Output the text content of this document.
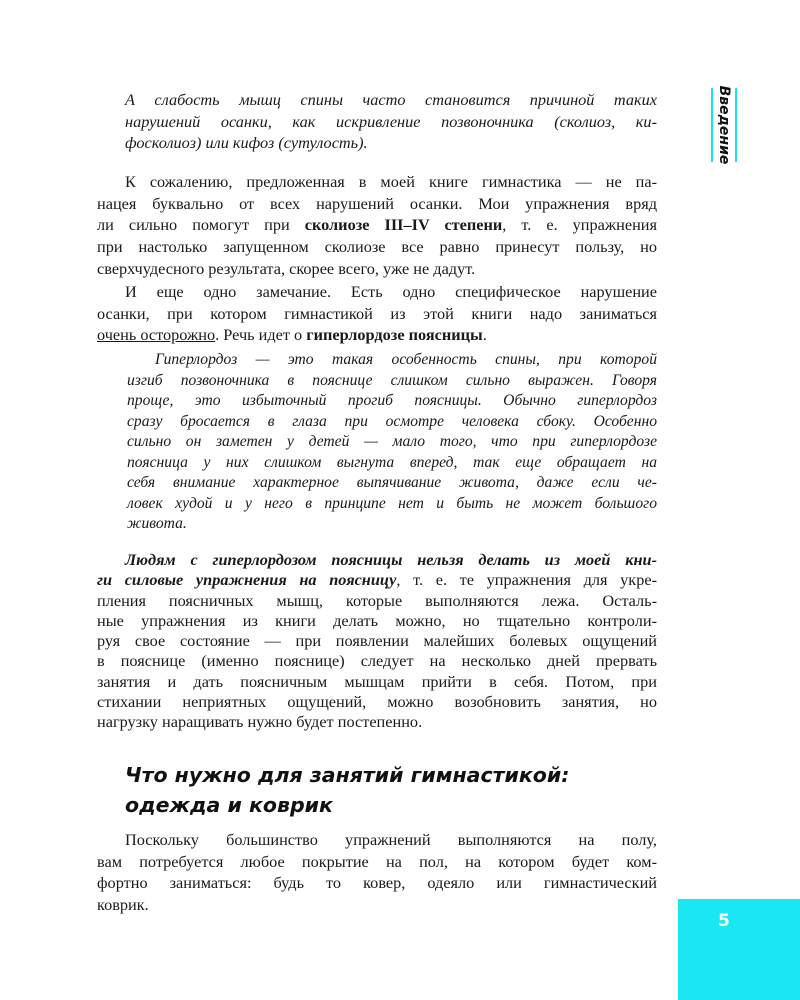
А слабость мышц спины часто становится причиной таких
нарушений осанки, как искривление позвоночника (сколиоз, ки-
фосколиоз) или кифоз (сутулость).
К сожалению, предложенная в моей книге гимнастика — не па-
нацея буквально от всех нарушений осанки. Мои упражнения вряд
ли сильно помогут при сколиозе III–IV степени, т. е. упражнения
при настолько запущенном сколиозе все равно принесут пользу, но
сверхчудесного результата, скорее всего, уже не дадут.
И еще одно замечание. Есть одно специфическое нарушение
осанки, при котором гимнастикой из этой книги надо заниматься
очень осторожно. Речь идет о гиперлордозе поясницы.
Гиперлордоз — это такая особенность спины, при которой
изгиб позвоночника в пояснице слишком сильно выражен. Говоря
проще, это избыточный прогиб поясницы. Обычно гиперлордоз
сразу бросается в глаза при осмотре человека сбоку. Особенно
сильно он заметен у детей — мало того, что при гиперлордозе
поясница у них слишком выгнута вперед, так еще обращает на
себя внимание характерное выпячивание живота, даже если че-
ловек худой и у него в принципе нет и быть не может большого
живота.
Людям с гиперлордозом поясницы нельзя делать из моей кни-
ги силовые упражнения на поясницу, т. е. те упражнения для укре-
пления поясничных мышц, которые выполняются лежа. Осталь-
ные упражнения из книги делать можно, но тщательно контроли-
руя свое состояние — при появлении малейших болевых ощущений
в пояснице (именно пояснице) следует на несколько дней прервать
занятия и дать поясничным мышцам прийти в себя. Потом, при
стихании неприятных ощущений, можно возобновить занятия, но
нагрузку наращивать нужно будет постепенно.
Что нужно для занятий гимнастикой:
одежда и коврик
Поскольку большинство упражнений выполняются на полу,
вам потребуется любое покрытие на пол, на котором будет ком-
фортно заниматься: будь то ковер, одеяло или гимнастический
коврик.
Введение
5
